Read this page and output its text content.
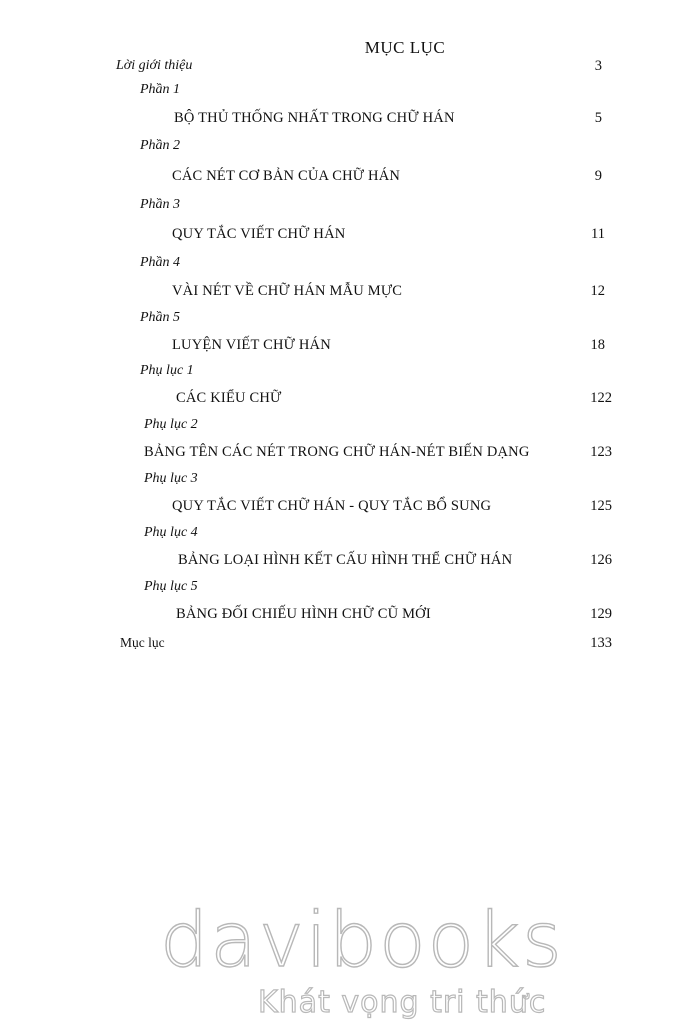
MỤC LỤC
Lời giới thiệu	3
Phần 1
BỘ THỦ THỐNG NHẤT TRONG CHỮ HÁN	5
Phần 2
CÁC NÉT CƠ BẢN CỦA CHỮ HÁN	9
Phần 3
QUY TẮC VIẾT CHỮ HÁN	11
Phần 4
VÀI NÉT VỀ CHỮ HÁN MẪU MỰC	12
Phần 5
LUYỆN VIẾT CHỮ HÁN	18
Phụ lục 1
CÁC KIỂU CHỮ	122
Phụ lục 2
BẢNG TÊN CÁC NÉT TRONG CHỮ HÁN-NÉT BIẾN DẠNG	123
Phụ lục 3
QUY TẮC VIẾT CHỮ HÁN - QUY TẮC BỔ SUNG	125
Phụ lục 4
BẢNG LOẠI HÌNH KẾT CẤU HÌNH THỂ CHỮ HÁN	126
Phụ lục 5
BẢNG ĐỐI CHIẾU HÌNH CHỮ CŨ MỚI	129
Mục lục	133
davibooks
Khát vọng tri thức
